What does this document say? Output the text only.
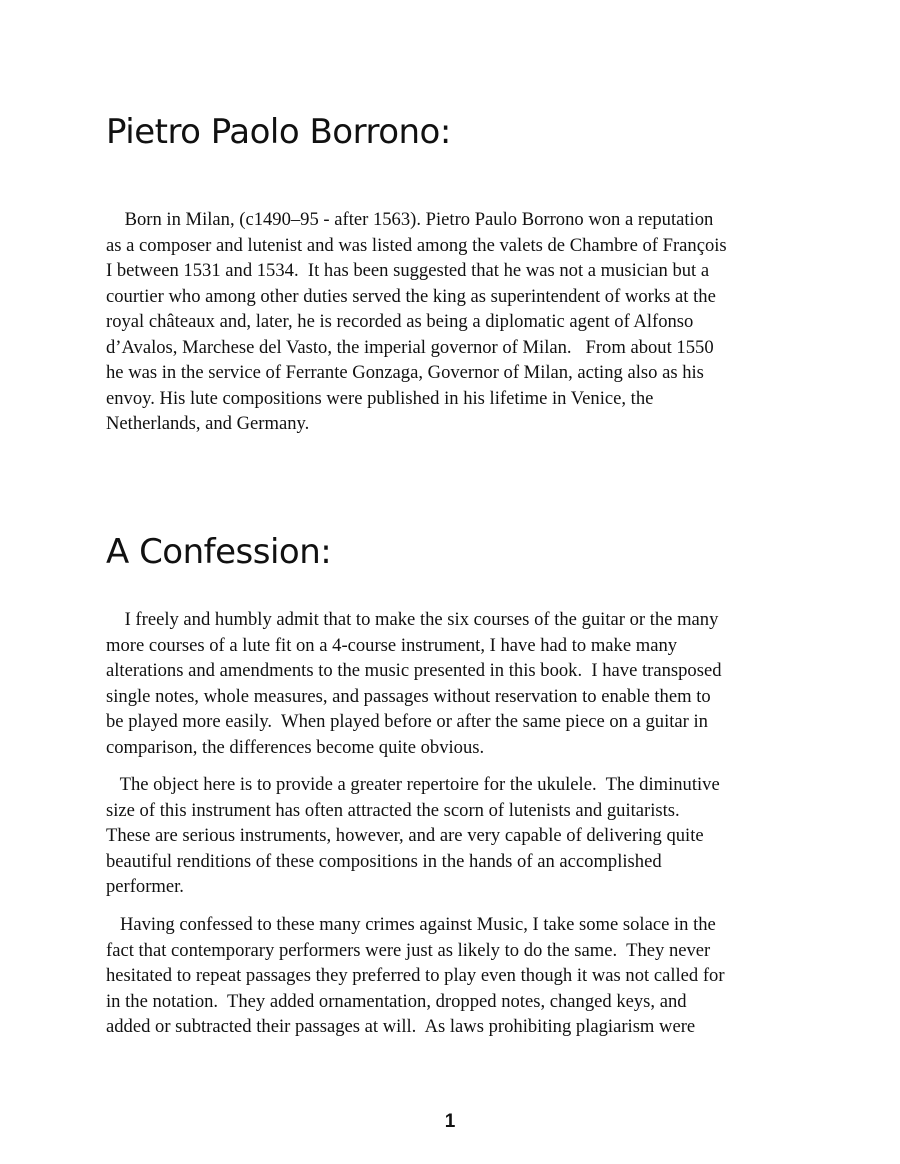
Pietro Paolo Borrono:
Born in Milan, (c1490–95 - after 1563). Pietro Paulo Borrono won a reputation
as a composer and lutenist and was listed among the valets de Chambre of François
I between 1531 and 1534.  It has been suggested that he was not a musician but a
courtier who among other duties served the king as superintendent of works at the
royal châteaux and, later, he is recorded as being a diplomatic agent of Alfonso
d’Avalos, Marchese del Vasto, the imperial governor of Milan.   From about 1550
he was in the service of Ferrante Gonzaga, Governor of Milan, acting also as his
envoy. His lute compositions were published in his lifetime in Venice, the
Netherlands, and Germany.
A Confession:
I freely and humbly admit that to make the six courses of the guitar or the many
more courses of a lute fit on a 4-course instrument, I have had to make many
alterations and amendments to the music presented in this book.  I have transposed
single notes, whole measures, and passages without reservation to enable them to
be played more easily.  When played before or after the same piece on a guitar in
comparison, the differences become quite obvious.
The object here is to provide a greater repertoire for the ukulele.  The diminutive
size of this instrument has often attracted the scorn of lutenists and guitarists.
These are serious instruments, however, and are very capable of delivering quite
beautiful renditions of these compositions in the hands of an accomplished
performer.
Having confessed to these many crimes against Music, I take some solace in the
fact that contemporary performers were just as likely to do the same.  They never
hesitated to repeat passages they preferred to play even though it was not called for
in the notation.  They added ornamentation, dropped notes, changed keys, and
added or subtracted their passages at will.  As laws prohibiting plagiarism were
1
